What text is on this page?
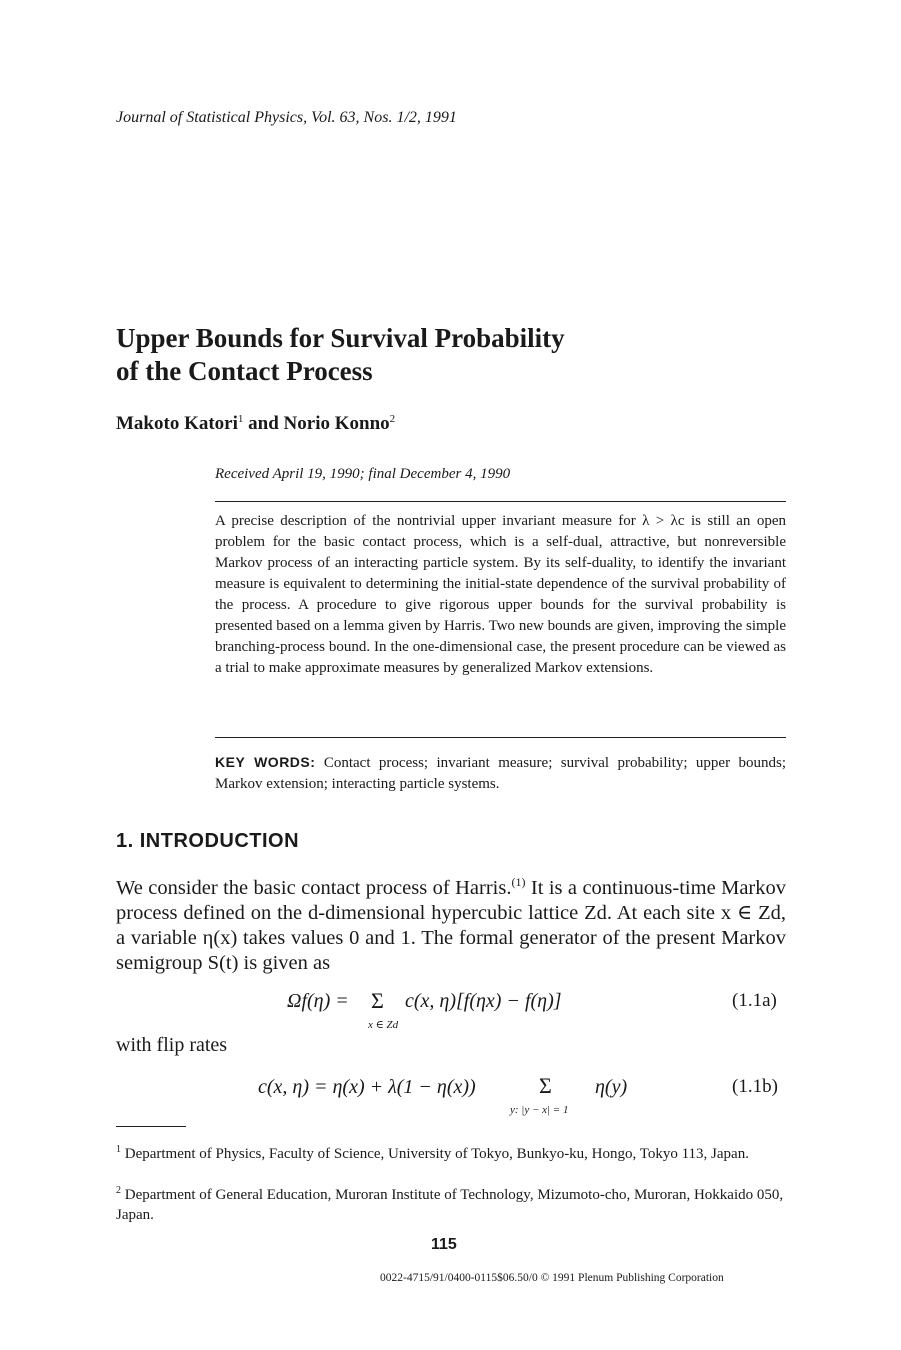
Journal of Statistical Physics, Vol. 63, Nos. 1/2, 1991
Upper Bounds for Survival Probability
of the Contact Process
Makoto Katori$^1$ and Norio Konno$^2$
Received April 19, 1990; final December 4, 1990
A precise description of the nontrivial upper invariant measure for λ > λc is still an open problem for the basic contact process, which is a self-dual, attractive, but nonreversible Markov process of an interacting particle system. By its self-duality, to identify the invariant measure is equivalent to determining the initial-state dependence of the survival probability of the process. A procedure to give rigorous upper bounds for the survival probability is presented based on a lemma given by Harris. Two new bounds are given, improving the simple branching-process bound. In the one-dimensional case, the present procedure can be viewed as a trial to make approximate measures by generalized Markov extensions.
KEY WORDS: Contact process; invariant measure; survival probability; upper bounds; Markov extension; interacting particle systems.
1. INTRODUCTION
We consider the basic contact process of Harris.$^{(1)}$ It is a continuous-time Markov process defined on the d-dimensional hypercubic lattice Zd. At each site x ∈ Zd, a variable η(x) takes values 0 and 1. The formal generator of the present Markov semigroup S(t) is given as
Ωf(η) = Σ
x ∈ Zd
c(x, η)[f(ηx) − f(η)]	(1.1a)
with flip rates
c(x, η) = η(x) + λ(1 − η(x))	Σ
y: |y − x| = 1
η(y)	(1.1b)
$^1$ Department of Physics, Faculty of Science, University of Tokyo, Bunkyo-ku, Hongo, Tokyo 113, Japan.
$^2$ Department of General Education, Muroran Institute of Technology, Mizumoto-cho, Muroran, Hokkaido 050, Japan.
115
0022-4715/91/0400-0115$06.50/0 © 1991 Plenum Publishing Corporation
